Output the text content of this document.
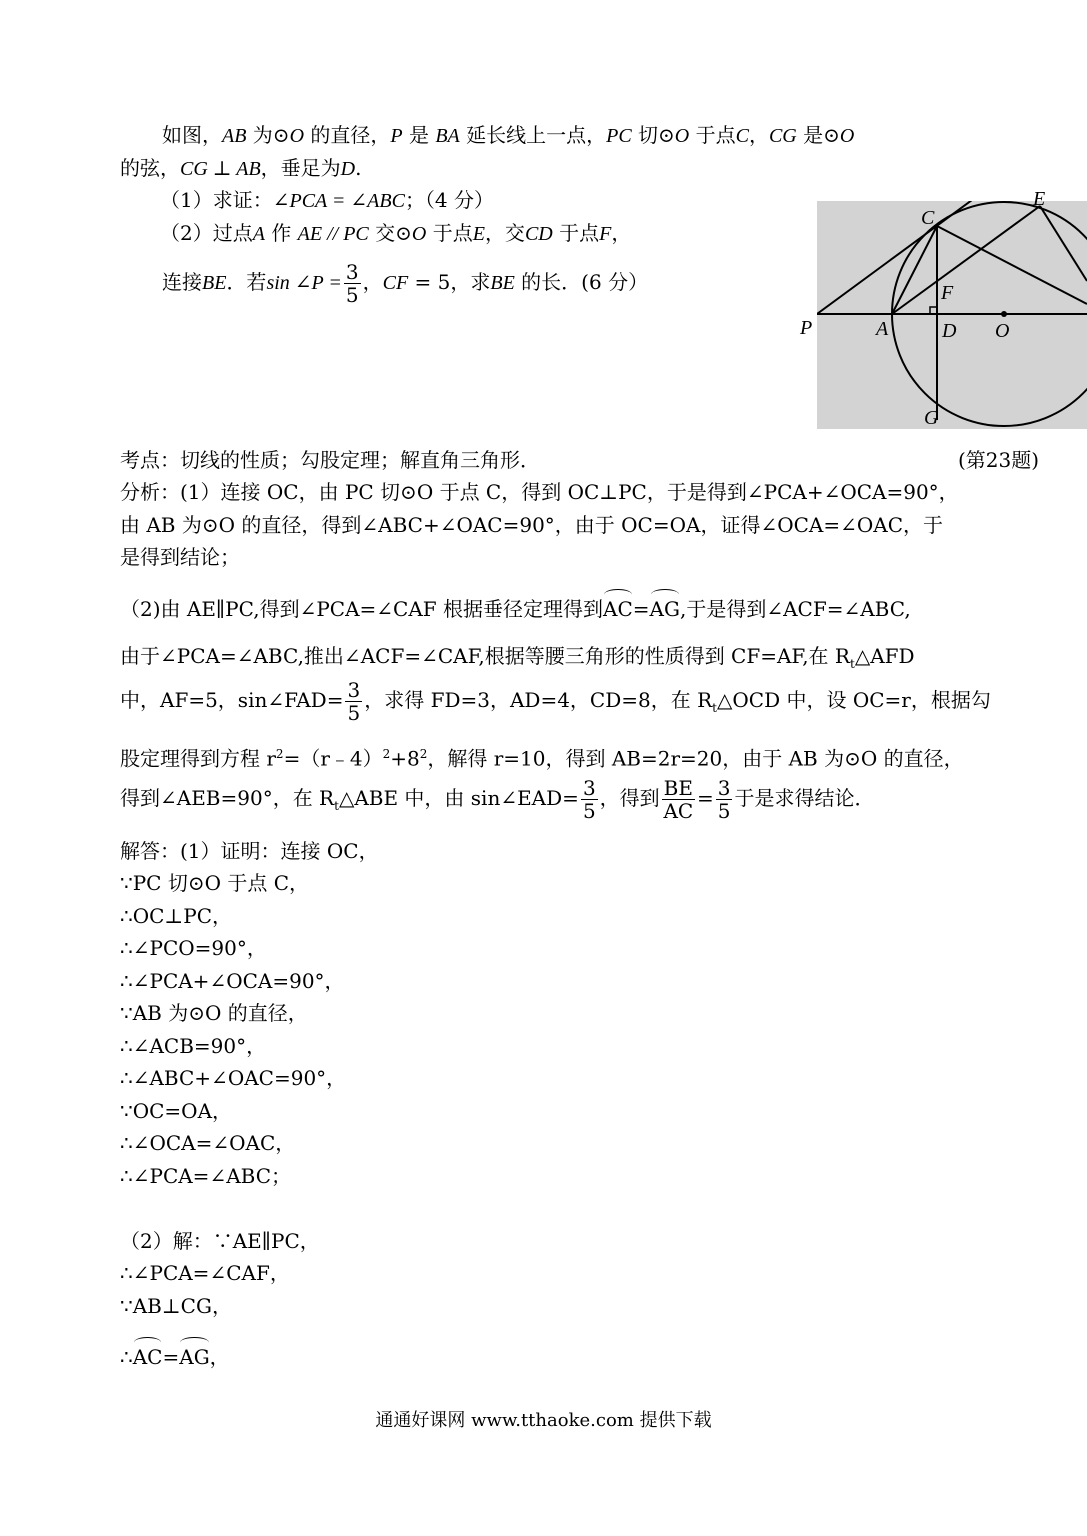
如图，AB 为⊙O 的直径，P 是 BA 延长线上一点，PC 切⊙O 于点C，CG 是⊙O
的弦，CG ⊥ AB，垂足为D.
（1）求证：∠PCA = ∠ABC；（4 分）
（2）过点A 作 AE // PC 交⊙O 于点E，交CD 于点F，
连接BE．若sin ∠P = $\frac{3}{5}$ ，CF = 5，求BE 的长．(6 分）
P	A	D O
C
E
F
G
考点：切线的性质；勾股定理；解直角三角形．	(第23题)
分析：(1）连接 OC，由 PC 切⊙O 于点 C，得到 OC⊥PC，于是得到∠PCA+∠OCA=90°，
由 AB 为⊙O 的直径，得到∠ABC+∠OAC=90°，由于 OC=OA，证得∠OCA=∠OAC，于
是得到结论；
（2)由 AE∥PC,得到∠PCA=∠CAF 根据垂径定理得到AC=AG,于是得到∠ACF=∠ABC,
由于∠PCA=∠ABC,推出∠ACF=∠CAF,根据等腰三角形的性质得到 CF=AF,在 $R_t\triangle AFD$
中，AF=5，sin∠FAD= $\frac{3}{5}$ ，求得 FD=3，AD=4，CD=8，在 $R_t\triangle OCD$ 中，设 OC=r，根据勾
股定理得到方程 $r^2=(r﹣4)^2+8^2$，解得 r=10，得到 AB=2r=20，由于 AB 为⊙O 的直径，
得到∠AEB=90°，在 $R_t\triangle ABE$ 中，由 sin∠EAD= $\frac{3}{5}$ ，得到 $\frac{BE}{AC} = \frac{3}{5}$ 于是求得结论．
解答：(1）证明：连接 OC，
∵PC 切⊙O 于点 C，
∴OC⊥PC，
∴∠PCO=90°，
∴∠PCA+∠OCA=90°，
∵AB 为⊙O 的直径，
∴∠ACB=90°，
∴∠ABC+∠OAC=90°，
∵OC=OA，
∴∠OCA=∠OAC，
∴∠PCA=∠ABC；
（2）解：∵AE∥PC，
∴∠PCA=∠CAF，
∵AB⊥CG，
∴AC=AG，
通通好课网 www.tthaoke.com 提供下载
